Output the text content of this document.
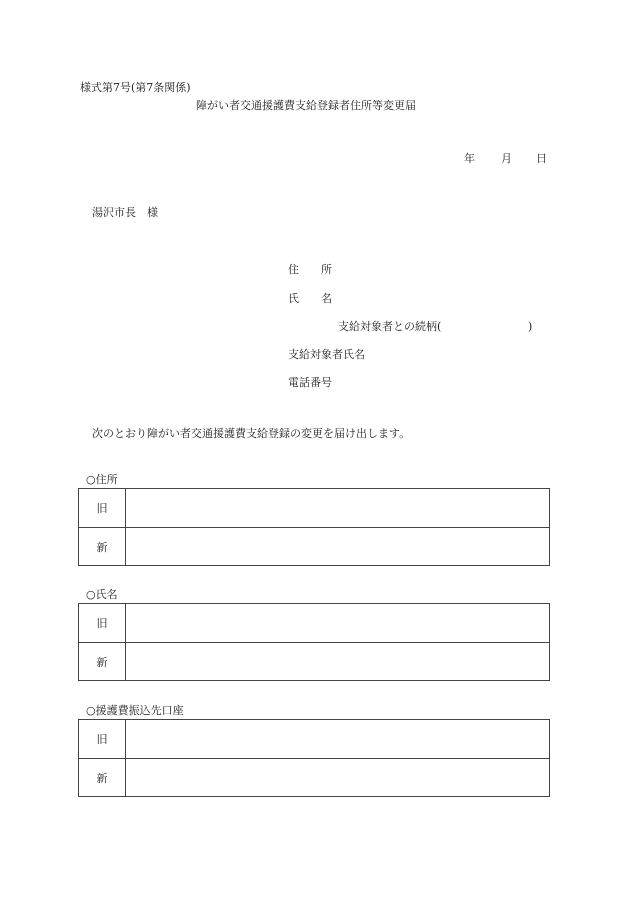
様式第7号(第7条関係)
障がい者交通援護費支給登録者住所等変更届
年 月 日
湯沢市長　様
住　　所
氏　　名
支給対象者との続柄(	)
支給対象者氏名
電話番号
次のとおり障がい者交通援護費支給登録の変更を届け出します。
○住所
旧
新
○氏名
旧
新
○援護費振込先口座
旧
新
